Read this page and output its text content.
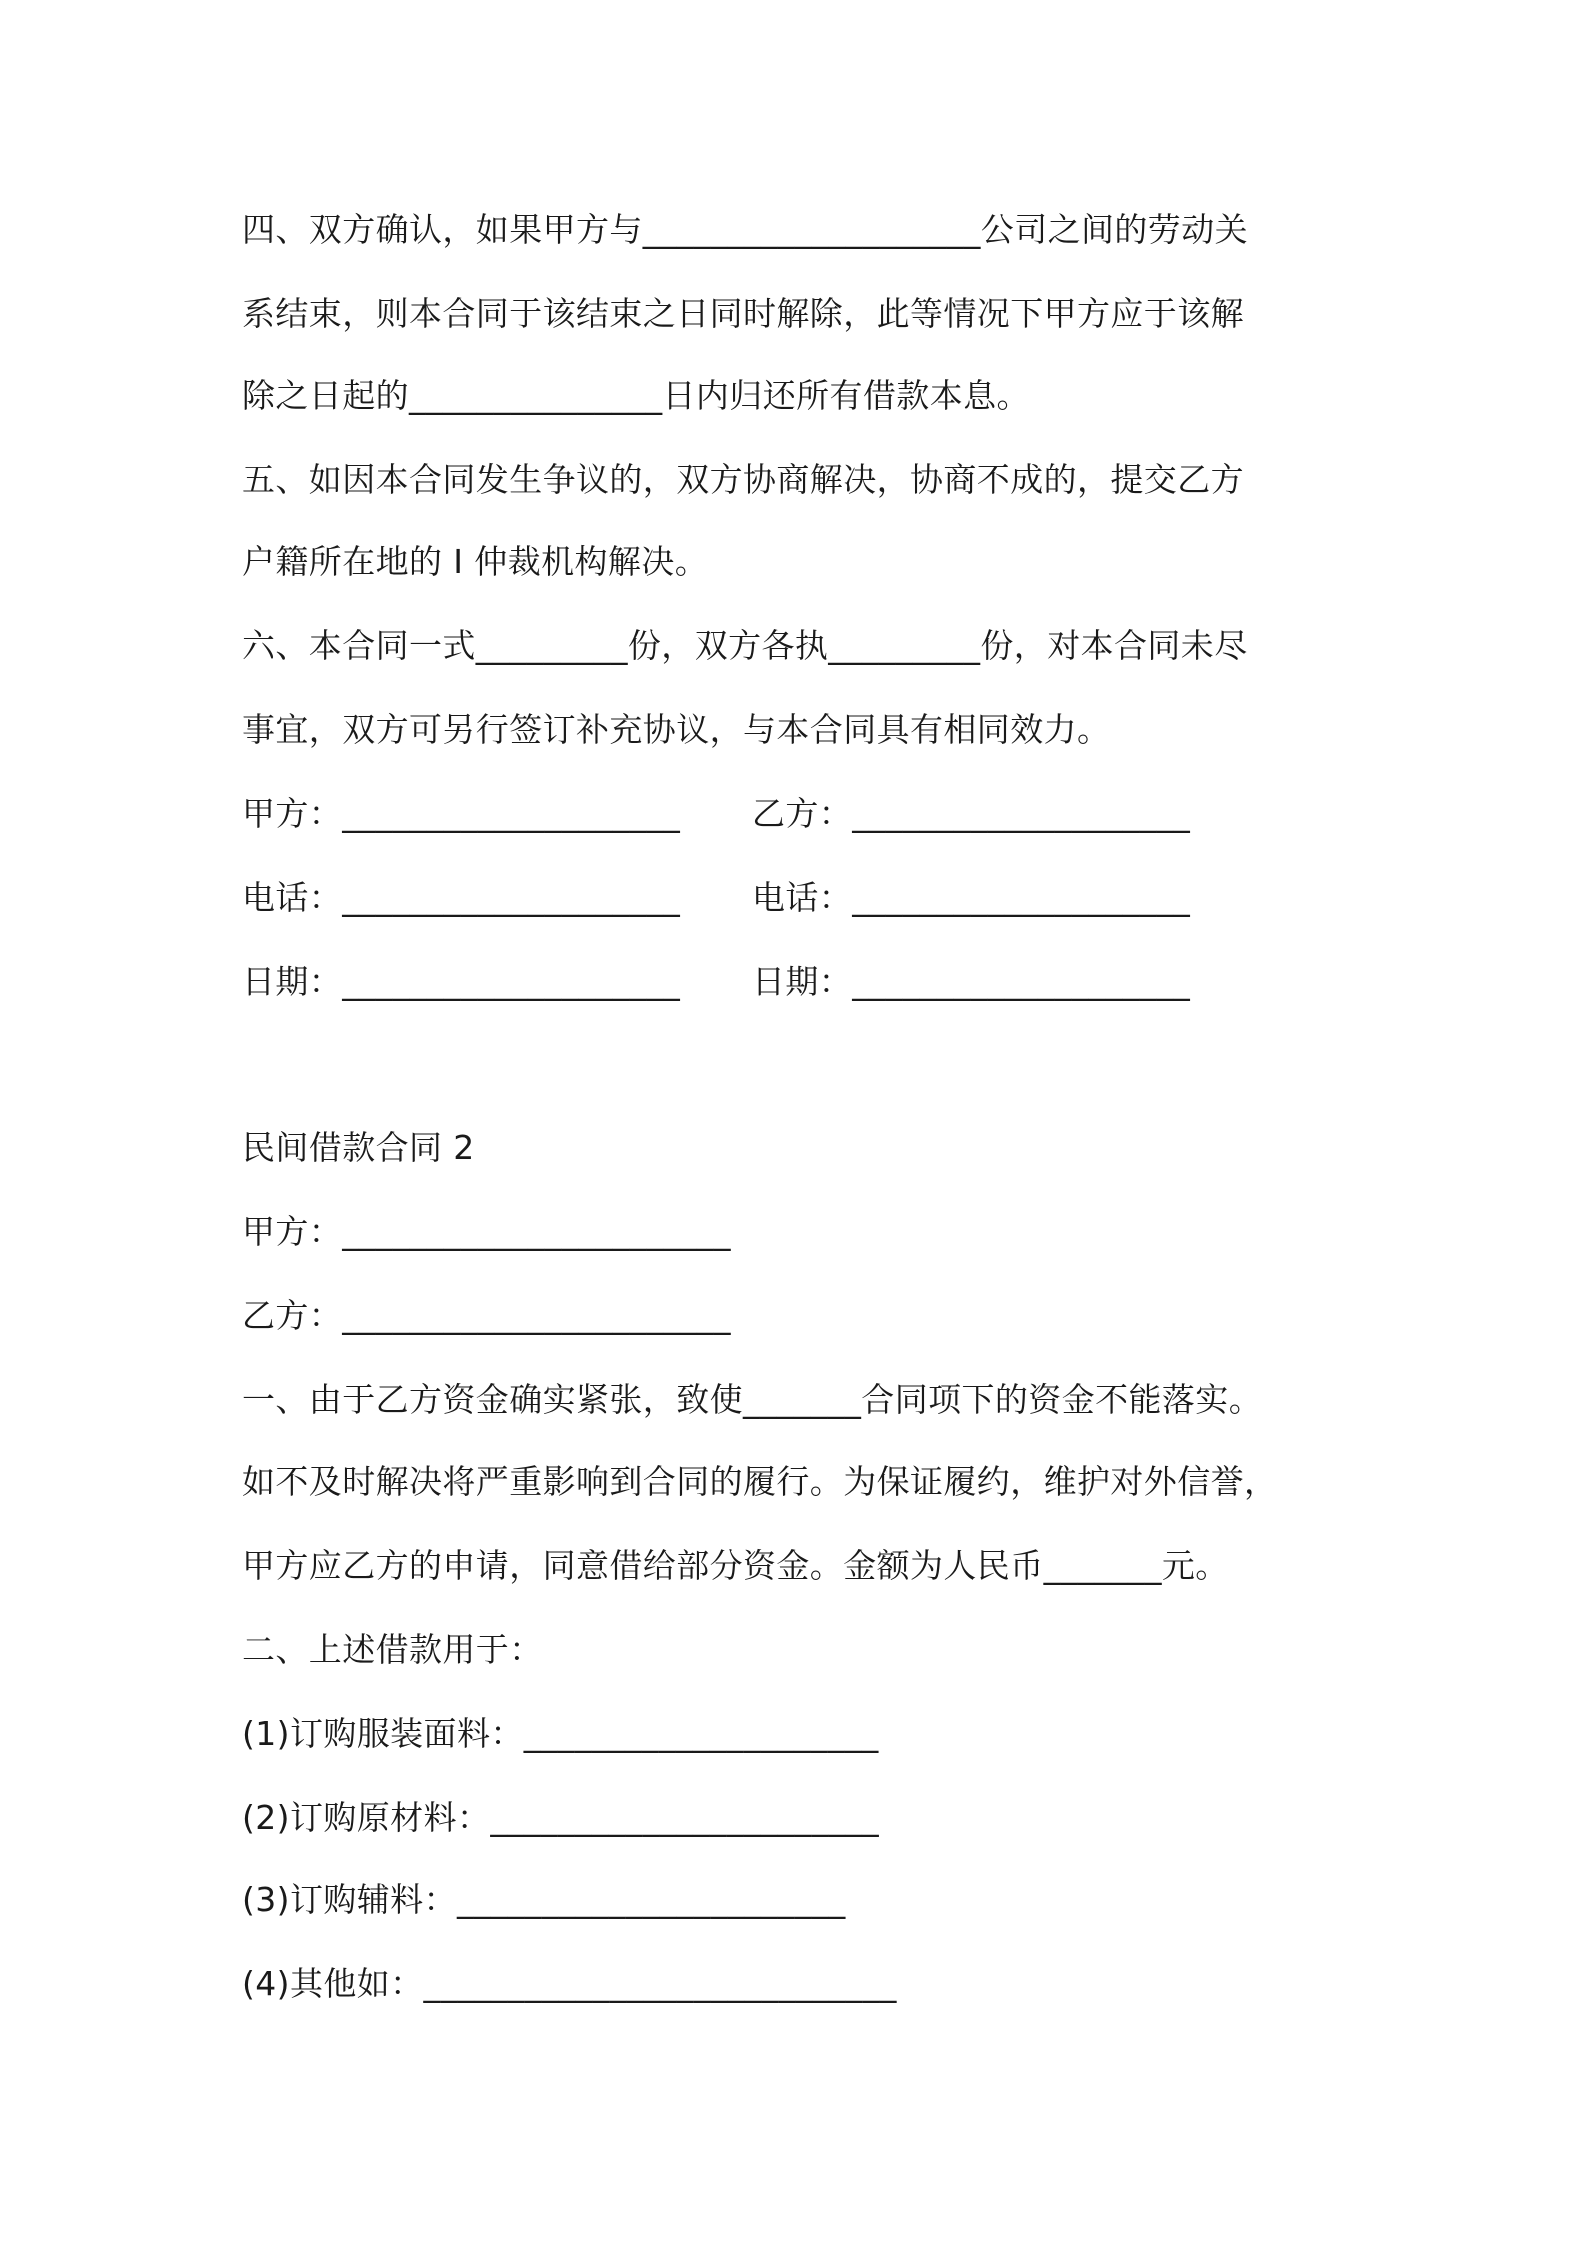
四、双方确认，如果甲方与____________________公司之间的劳动关
系结束，则本合同于该结束之日同时解除，此等情况下甲方应于该解
除之日起的_______________日内归还所有借款本息。
五、如因本合同发生争议的，双方协商解决，协商不成的，提交乙方
户籍所在地的 I 仲裁机构解决。
六、本合同一式_________份，双方各执_________份，对本合同未尽
事宜，双方可另行签订补充协议，与本合同具有相同效力。
甲方：____________________ 乙方：____________________
电话：____________________ 电话：____________________
日期：____________________ 日期：____________________
民间借款合同 2
甲方：_______________________
乙方：_______________________
一、由于乙方资金确实紧张，致使_______合同项下的资金不能落实。
如不及时解决将严重影响到合同的履行。为保证履约，维护对外信誉，
甲方应乙方的申请，同意借给部分资金。金额为人民币_______元。
二、上述借款用于：
(1)订购服装面料：_____________________
(2)订购原材料：_______________________
(3)订购辅料：_______________________
(4)其他如：____________________________
